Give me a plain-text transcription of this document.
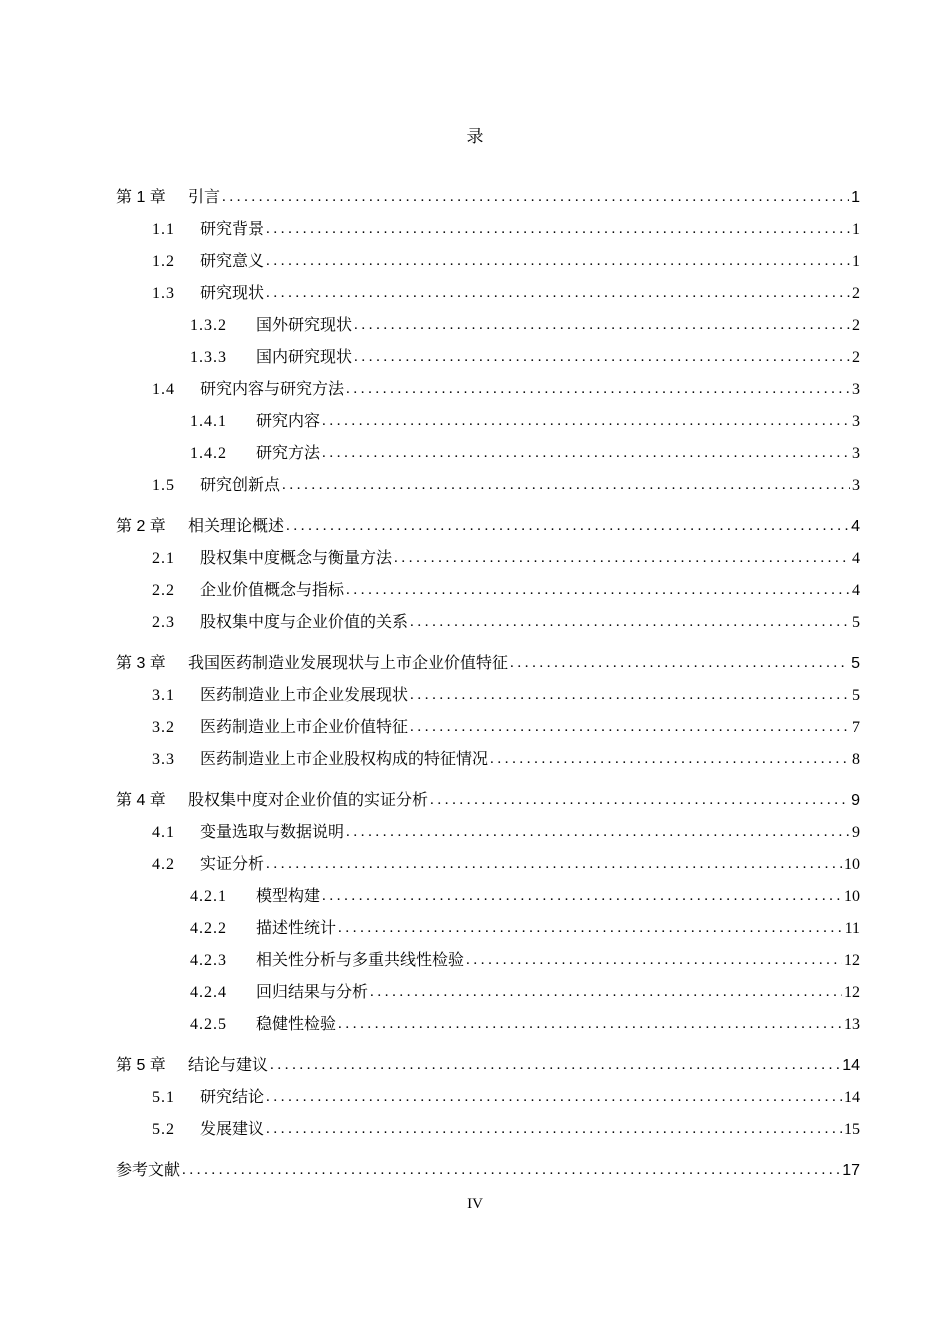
录
第 1 章	引言 .....	1
1.1	研究背景 .....	1
1.2	研究意义 .....	1
1.3	研究现状 .....	2
1.3.2	国外研究现状 .....	2
1.3.3	国内研究现状 .....	2
1.4	研究内容与研究方法 .....	3
1.4.1	研究内容 .....	3
1.4.2	研究方法 .....	3
1.5	研究创新点 .....	3
第 2 章	相关理论概述 .....	4
2.1	股权集中度概念与衡量方法 .....	4
2.2	企业价值概念与指标 .....	4
2.3	股权集中度与企业价值的关系 .....	5
第 3 章	我国医药制造业发展现状与上市企业价值特征 .....	5
3.1	医药制造业上市企业发展现状 .....	5
3.2	医药制造业上市企业价值特征 .....	7
3.3	医药制造业上市企业股权构成的特征情况 .....	8
第 4 章	股权集中度对企业价值的实证分析 .....	9
4.1	变量选取与数据说明 .....	9
4.2	实证分析 .....	10
4.2.1	模型构建 .....	10
4.2.2	描述性统计 .....	11
4.2.3	相关性分析与多重共线性检验 .....	12
4.2.4	回归结果与分析 .....	12
4.2.5	稳健性检验 .....	13
第 5 章	结论与建议 .....	14
5.1	研究结论 .....	14
5.2	发展建议 .....	15
参考文献 .....	17
IV
